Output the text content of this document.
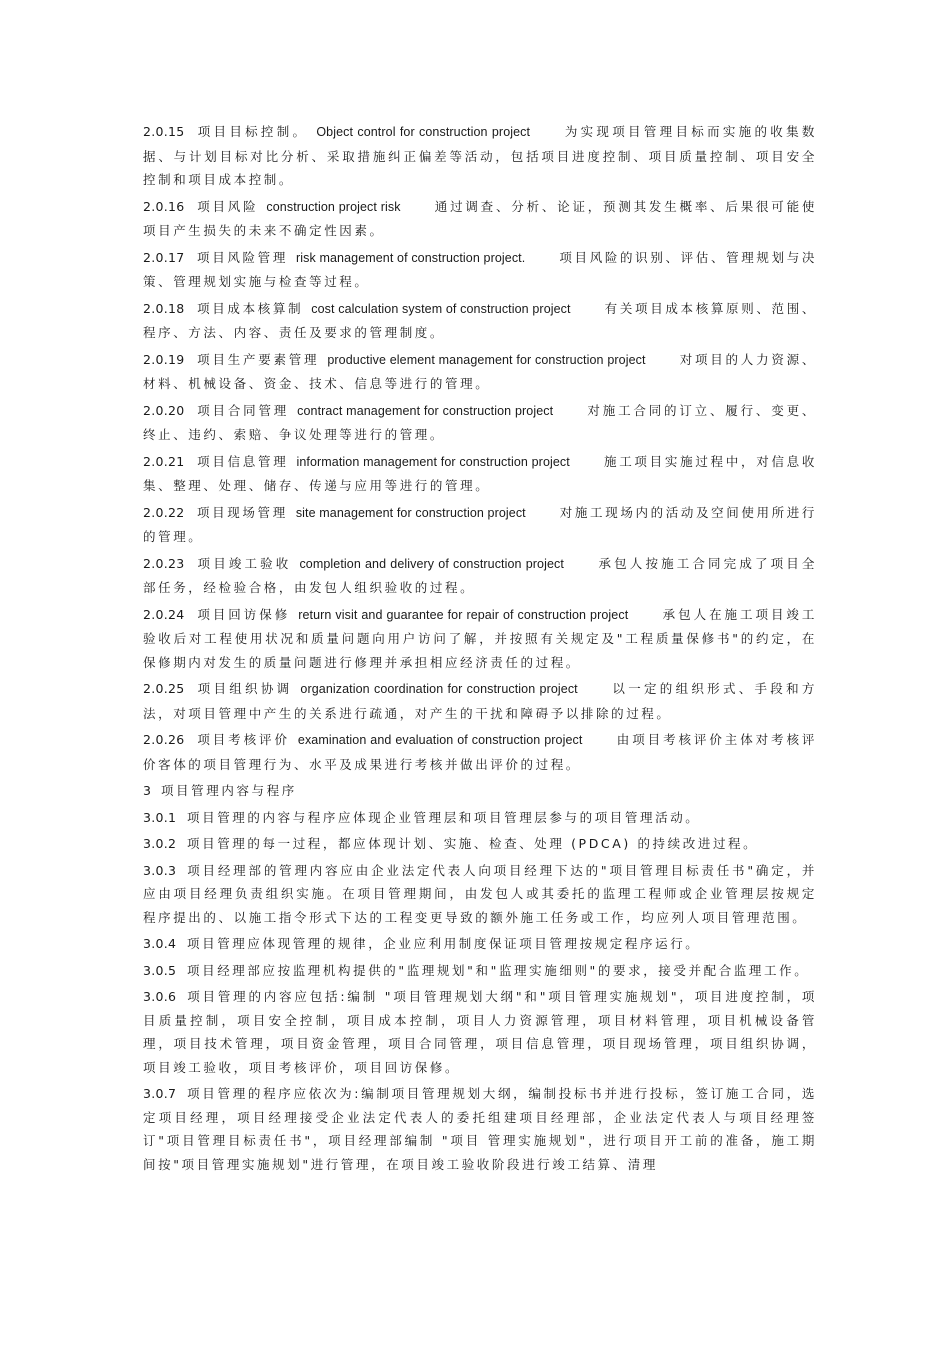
2.0.15 项目目标控制。 Object control for construction project	为实现项目管理目标而实施的收集数据、与计划目标对比分析、采取措施纠正偏差等活动，包括项目进度控制、项目质量控制、项目安全控制和项目成本控制。

2.0.16 项目风险 construction project risk	通过调查、分析、论证，预测其发生概率、后果很可能使项目产生损失的未来不确定性因素。

2.0.17 项目风险管理 risk management of construction project.	项目风险的识别、评估、管理规划与决策、管理规划实施与检查等过程。

2.0.18 项目成本核算制 cost calculation system of construction project	有关项目成本核算原则、范围、程序、方法、内容、责任及要求的管理制度。

2.0.19 项目生产要素管理 productive element management for construction project	对项目的人力资源、材料、机械设备、资金、技术、信息等进行的管理。

2.0.20 项目合同管理 contract management for construction project	对施工合同的订立、履行、变更、终止、违约、索赔、争议处理等进行的管理。

2.0.21 项目信息管理 information management for construction project	施工项目实施过程中，对信息收集、整理、处理、储存、传递与应用等进行的管理。

2.0.22 项目现场管理 site management for construction project	对施工现场内的活动及空间使用所进行的管理。

2.0.23 项目竣工验收 completion and delivery of construction project	承包人按施工合同完成了项目全部任务，经检验合格，由发包人组织验收的过程。

2.0.24 项目回访保修 return visit and guarantee for repair of construction project	承包人在施工项目竣工验收后对工程使用状况和质量问题向用户访问了解，并按照有关规定及"工程质量保修书"的约定，在保修期内对发生的质量问题进行修理并承担相应经济责任的过程。

2.0.25 项目组织协调 organization coordination for construction project	以一定的组织形式、手段和方法，对项目管理中产生的关系进行疏通，对产生的干扰和障碍予以排除的过程。

2.0.26 项目考核评价 examination and evaluation of construction project	由项目考核评价主体对考核评价客体的项目管理行为、水平及成果进行考核并做出评价的过程。

3 项目管理内容与程序

3.0.1 项目管理的内容与程序应体现企业管理层和项目管理层参与的项目管理活动。

3.0.2 项目管理的每一过程，都应体现计划、实施、检查、处理 (PDCA) 的持续改进过程。

3.0.3 项目经理部的管理内容应由企业法定代表人向项目经理下达的"项目管理目标责任书"确定，并应由项目经理负责组织实施。在项目管理期间，由发包人或其委托的监理工程师或企业管理层按规定程序提出的、以施工指令形式下达的工程变更导致的额外施工任务或工作，均应列人项目管理范围。

3.0.4 项目管理应体现管理的规律，企业应利用制度保证项目管理按规定程序运行。

3.0.5 项目经理部应按监理机构提供的"监理规划"和"监理实施细则"的要求，接受并配合监理工作。

3.0.6 项目管理的内容应包括:编制 "项目管理规划大纲"和"项目管理实施规划"，项目进度控制，项目质量控制，项目安全控制，项目成本控制，项目人力资源管理，项目材料管理，项目机械设备管理，项目技术管理，项目资金管理，项目合同管理，项目信息管理，项目现场管理，项目组织协调，项目竣工验收，项目考核评价，项目回访保修。

3.0.7 项目管理的程序应依次为:编制项目管理规划大纲，编制投标书并进行投标，签订施工合同，选定项目经理，项目经理接受企业法定代表人的委托组建项目经理部，企业法定代表人与项目经理签订"项目管理目标责任书"，项目经理部编制 "项目 管理实施规划"，进行项目开工前的准备，施工期间按"项目管理实施规划"进行管理，在项目竣工验收阶段进行竣工结算、清理
